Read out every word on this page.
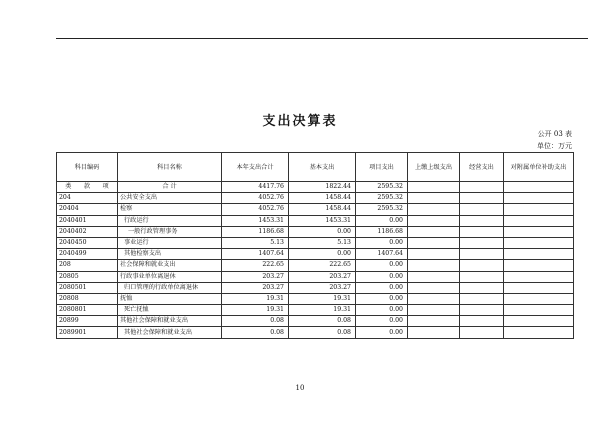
支出决算表
公开 03 表
单位：万元
科目编码	科目名称	本年支出合计	基本支出	项目支出	上缴上级支出	经营支出	对附属单位补助支出

类 款 项	合 计	4417.76	1822.44	2595.32			
204	公共安全支出	4052.76	1458.44	2595.32			
20404	检察	4052.76	1458.44	2595.32			
2040401	行政运行	1453.31	1453.31	0.00			
2040402	一般行政管理事务	1186.68	0.00	1186.68			
2040450	事业运行	5.13	5.13	0.00			
2040499	其他检察支出	1407.64	0.00	1407.64			
208	社会保障和就业支出	222.65	222.65	0.00			
20805	行政事业单位离退休	203.27	203.27	0.00			
2080501	归口管理的行政单位离退休	203.27	203.27	0.00			
20808	抚恤	19.31	19.31	0.00			
2080801	死亡抚恤	19.31	19.31	0.00			
20899	其他社会保障和就业支出	0.08	0.08	0.00			
2089901	其他社会保障和就业支出	0.08	0.08	0.00			
10
